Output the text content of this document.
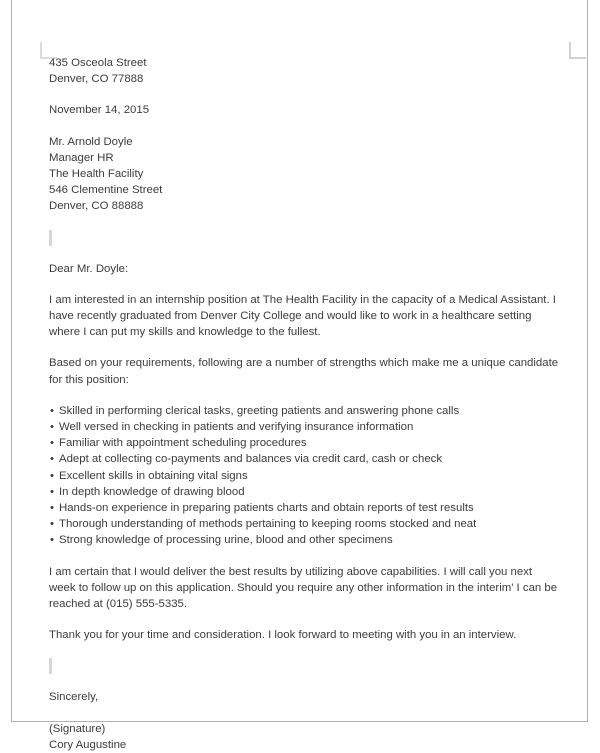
435 Osceola Street
Denver, CO 77888
November 14, 2015
Mr. Arnold Doyle
Manager HR
The Health Facility
546 Clementine Street
Denver, CO 88888
Dear Mr. Doyle:
I am interested in an internship position at The Health Facility in the capacity of a Medical Assistant. I have recently graduated from Denver City College and would like to work in a healthcare setting where I can put my skills and knowledge to the fullest.
Based on your requirements, following are a number of strengths which make me a unique candidate for this position:
• Skilled in performing clerical tasks, greeting patients and answering phone calls
• Well versed in checking in patients and verifying insurance information
• Familiar with appointment scheduling procedures
• Adept at collecting co-payments and balances via credit card, cash or check
• Excellent skills in obtaining vital signs
• In depth knowledge of drawing blood
• Hands-on experience in preparing patients charts and obtain reports of test results
• Thorough understanding of methods pertaining to keeping rooms stocked and neat
• Strong knowledge of processing urine, blood and other specimens
I am certain that I would deliver the best results by utilizing above capabilities. I will call you next week to follow up on this application. Should you require any other information in the interim' I can be reached at (015) 555-5335.
Thank you for your time and consideration. I look forward to meeting with you in an interview.
Sincerely,
(Signature)
Cory Augustine
